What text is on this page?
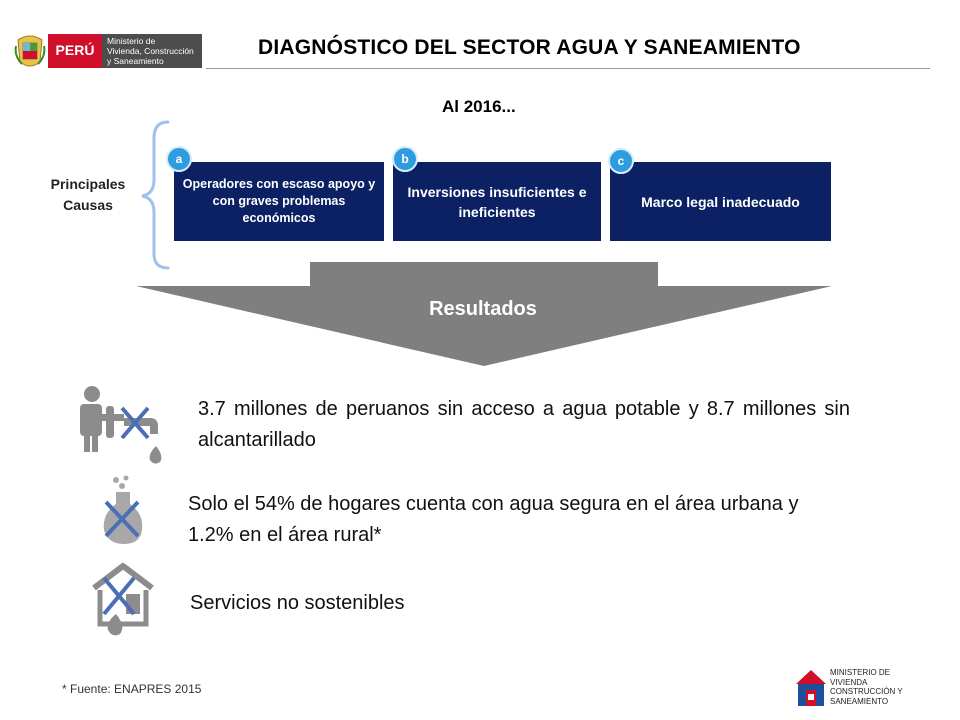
PERÚ
Ministerio de
Vivienda, Construcción
y Saneamiento
DIAGNÓSTICO DEL SECTOR AGUA Y SANEAMIENTO
Al 2016...
Principales
Causas
Operadores con escaso apoyo y con graves problemas económicos
Inversiones insuficientes e ineficientes
Marco legal inadecuado
a	b	c
Resultados
3.7 millones de peruanos sin acceso a agua potable y 8.7 millones sin alcantarillado
Solo el 54% de hogares cuenta con agua segura en el área urbana y 1.2% en el área rural*
Servicios no sostenibles
* Fuente: ENAPRES 2015
MINISTERIO DE
VIVIENDA
CONSTRUCCIÓN Y
SANEAMIENTO
